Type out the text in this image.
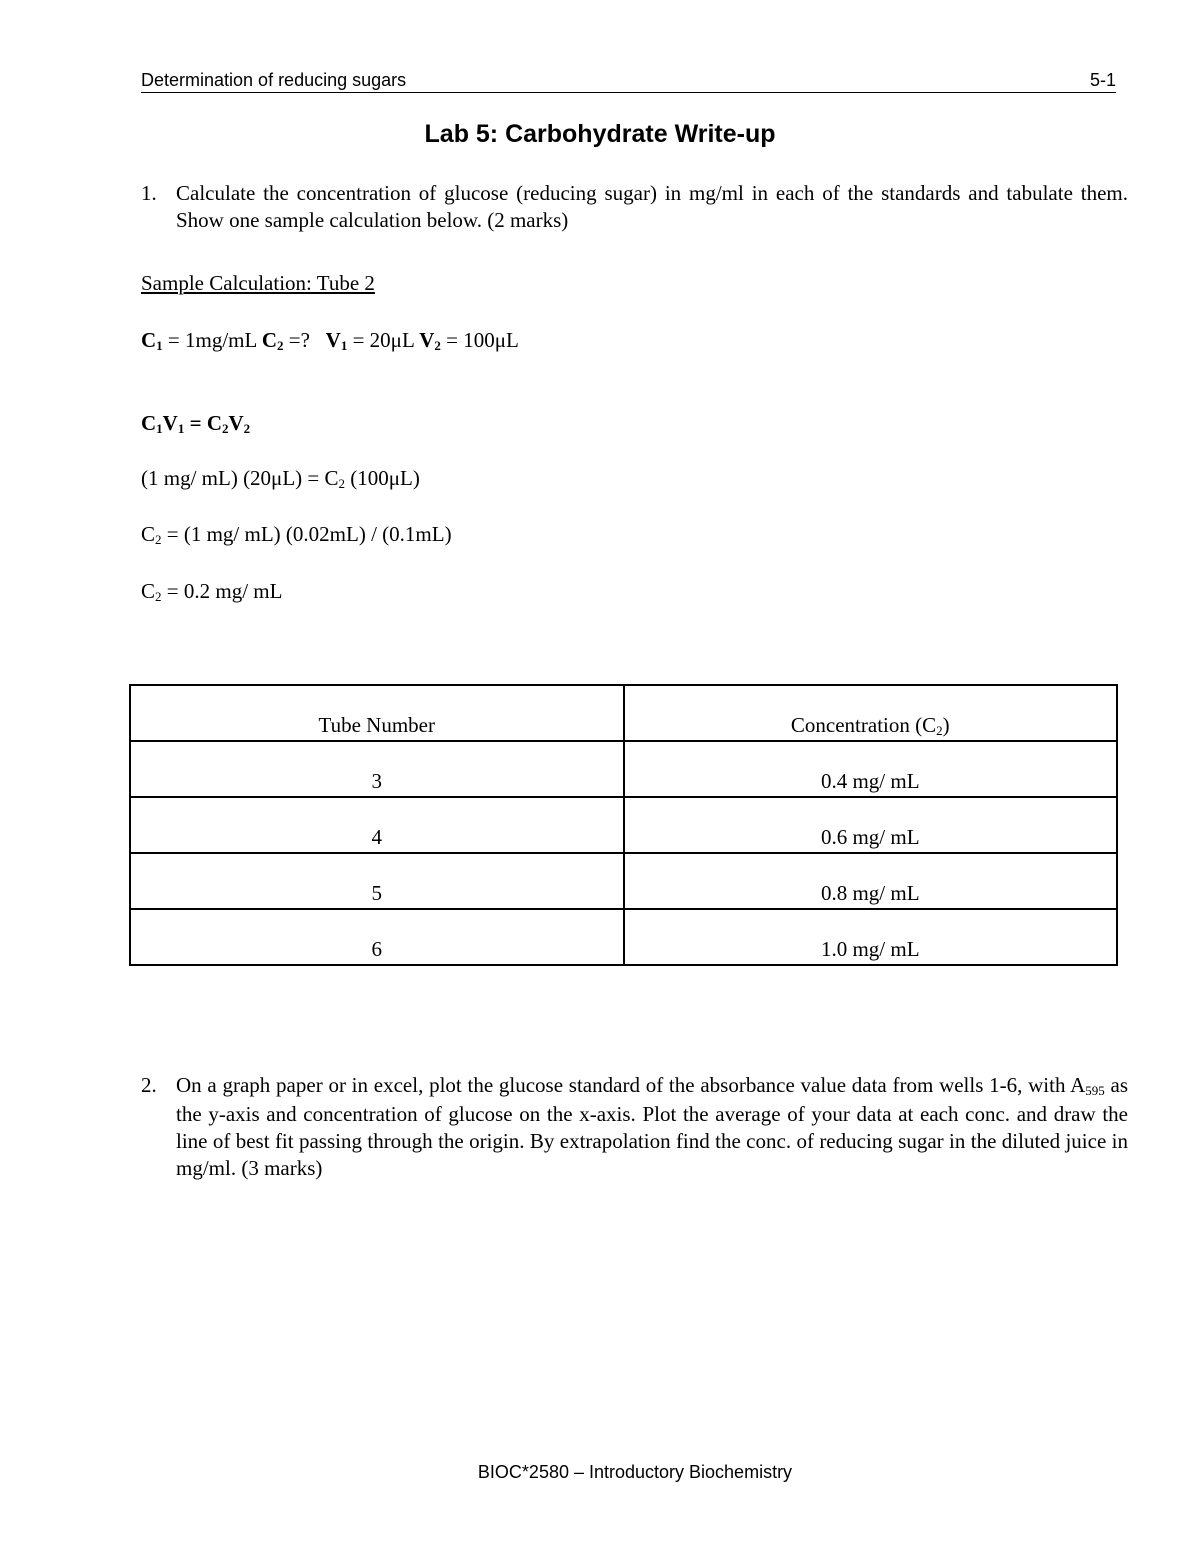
Determination of reducing sugars	5-1
Lab 5: Carbohydrate Write-up
1. Calculate the concentration of glucose (reducing sugar) in mg/ml in each of the standards and tabulate them. Show one sample calculation below. (2 marks)
Sample Calculation: Tube 2
C1 = 1mg/mL C2 =?   V1 = 20μL V2 = 100μL
C1V1 = C2V2
(1 mg/ mL) (20μL) = C2 (100μL)
C2 = (1 mg/ mL) (0.02mL) / (0.1mL)
C2 = 0.2 mg/ mL
Tube Number	Concentration (C2)
3	0.4 mg/ mL
4	0.6 mg/ mL
5	0.8 mg/ mL
6	1.0 mg/ mL
2. On a graph paper or in excel, plot the glucose standard of the absorbance value data from wells 1-6, with A595 as the y-axis and concentration of glucose on the x-axis. Plot the average of your data at each conc. and draw the line of best fit passing through the origin. By extrapolation find the conc. of reducing sugar in the diluted juice in mg/ml. (3 marks)
BIOC*2580 – Introductory Biochemistry
